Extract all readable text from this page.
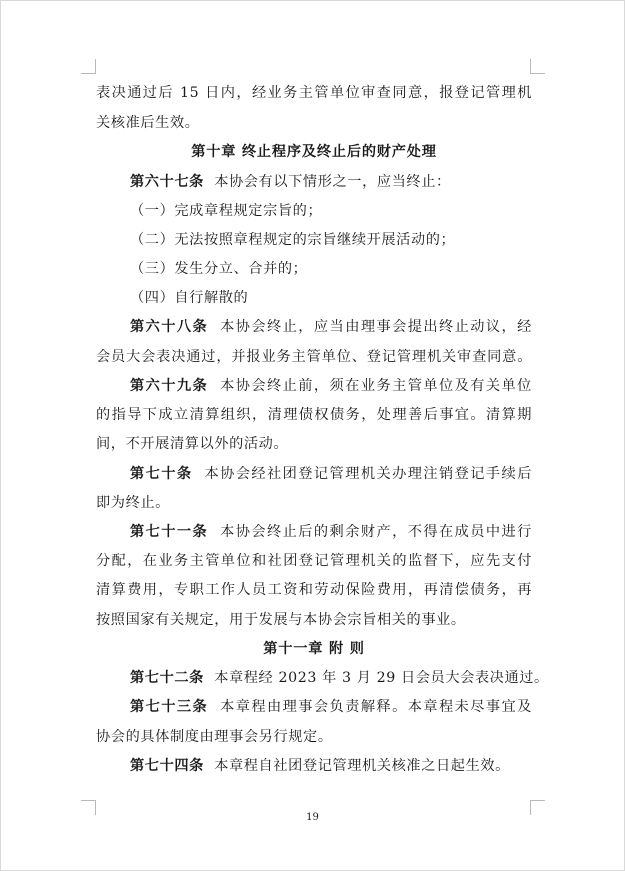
表决通过后 15 日内，经业务主管单位审查同意，报登记管理机
关核准后生效。
第十章 终止程序及终止后的财产处理
第六十七条 本协会有以下情形之一，应当终止：
（一）完成章程规定宗旨的；
（二）无法按照章程规定的宗旨继续开展活动的；
（三）发生分立、合并的；
（四）自行解散的
第六十八条 本协会终止，应当由理事会提出终止动议，经
会员大会表决通过，并报业务主管单位、登记管理机关审查同意。
第六十九条 本协会终止前，须在业务主管单位及有关单位
的指导下成立清算组织，清理债权债务，处理善后事宜。清算期
间，不开展清算以外的活动。
第七十条 本协会经社团登记管理机关办理注销登记手续后
即为终止。
第七十一条 本协会终止后的剩余财产，不得在成员中进行
分配，在业务主管单位和社团登记管理机关的监督下，应先支付
清算费用，专职工作人员工资和劳动保险费用，再清偿债务，再
按照国家有关规定，用于发展与本协会宗旨相关的事业。
第十一章 附 则
第七十二条 本章程经 2023 年 3 月 29 日会员大会表决通过。
第七十三条 本章程由理事会负责解释。本章程未尽事宜及
协会的具体制度由理事会另行规定。
第七十四条 本章程自社团登记管理机关核准之日起生效。
19
